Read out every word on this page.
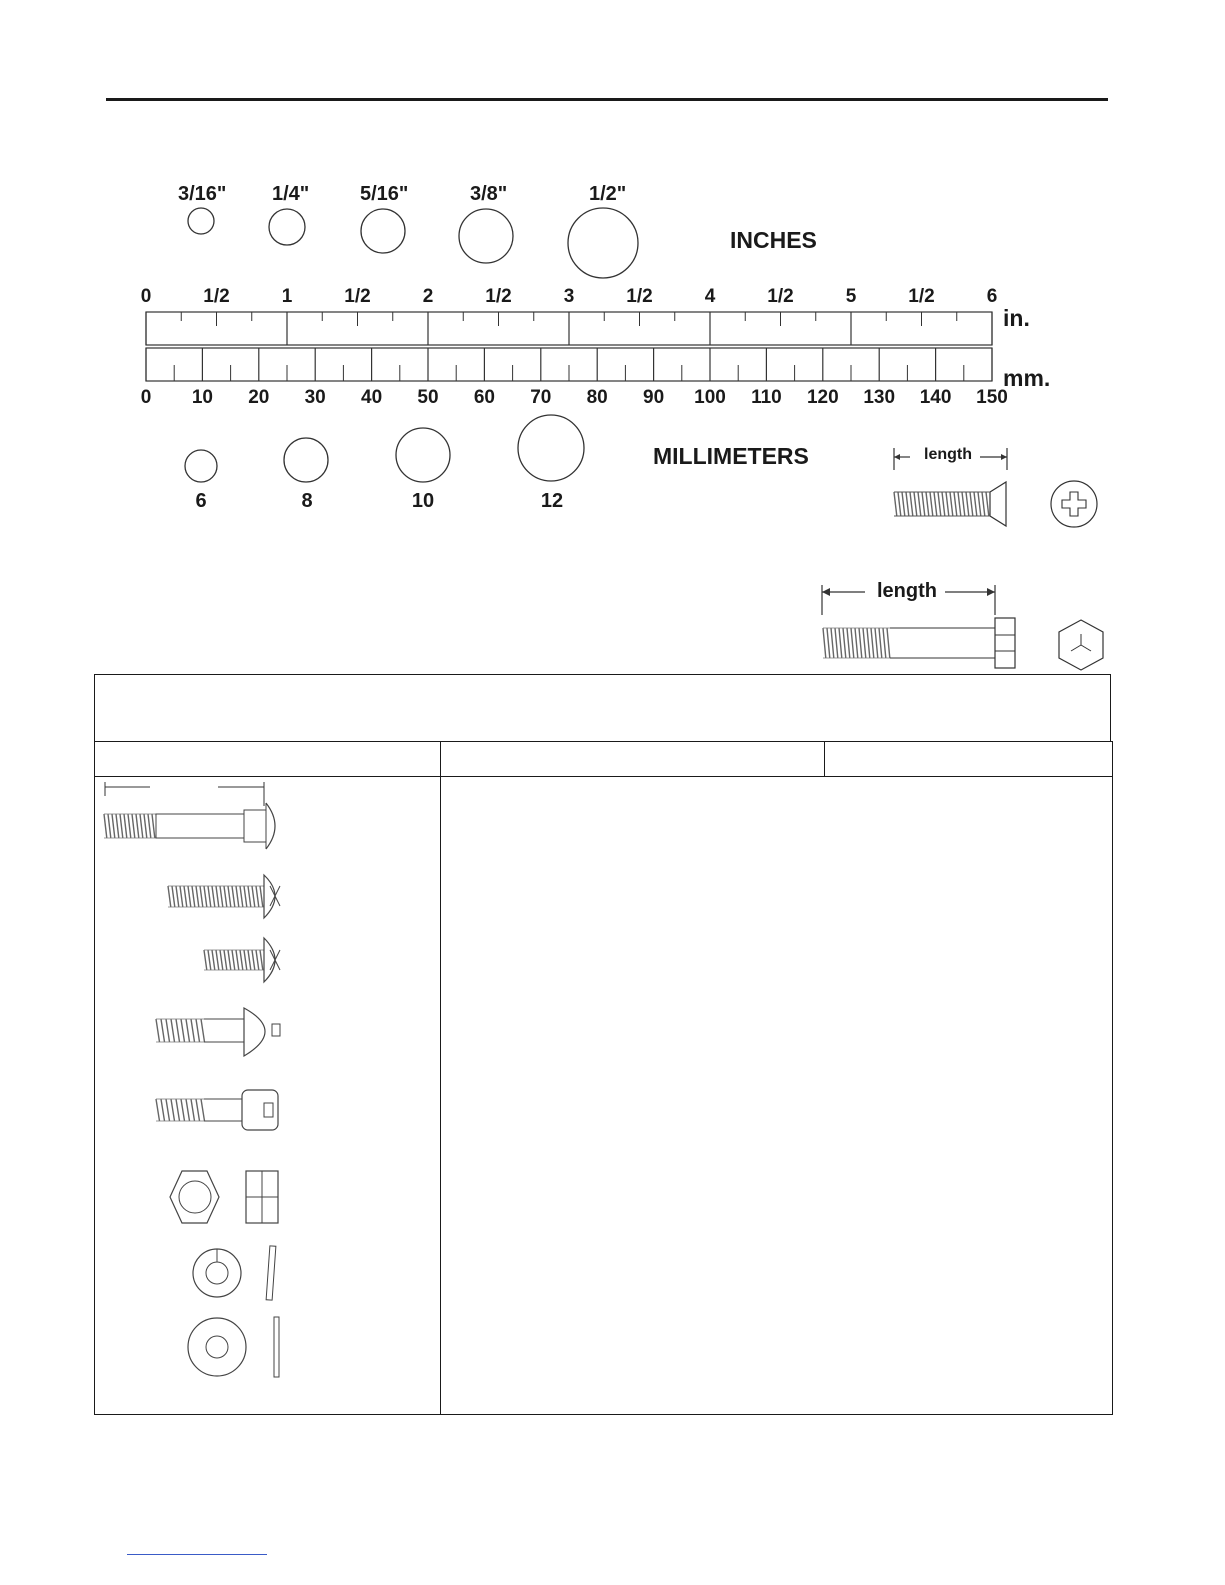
3/16" 1/4"	5/16"	3/8"	1/2"
INCHES
0	1/2	1	1/2	2	1/2	3	1/2	4	1/2	5	1/2	6
in.
0 10 20 30 40 50 60 70 80 90 100 110 120 130 140 150
mm.
6	8	10	12
MILLIMETERS	length
length
